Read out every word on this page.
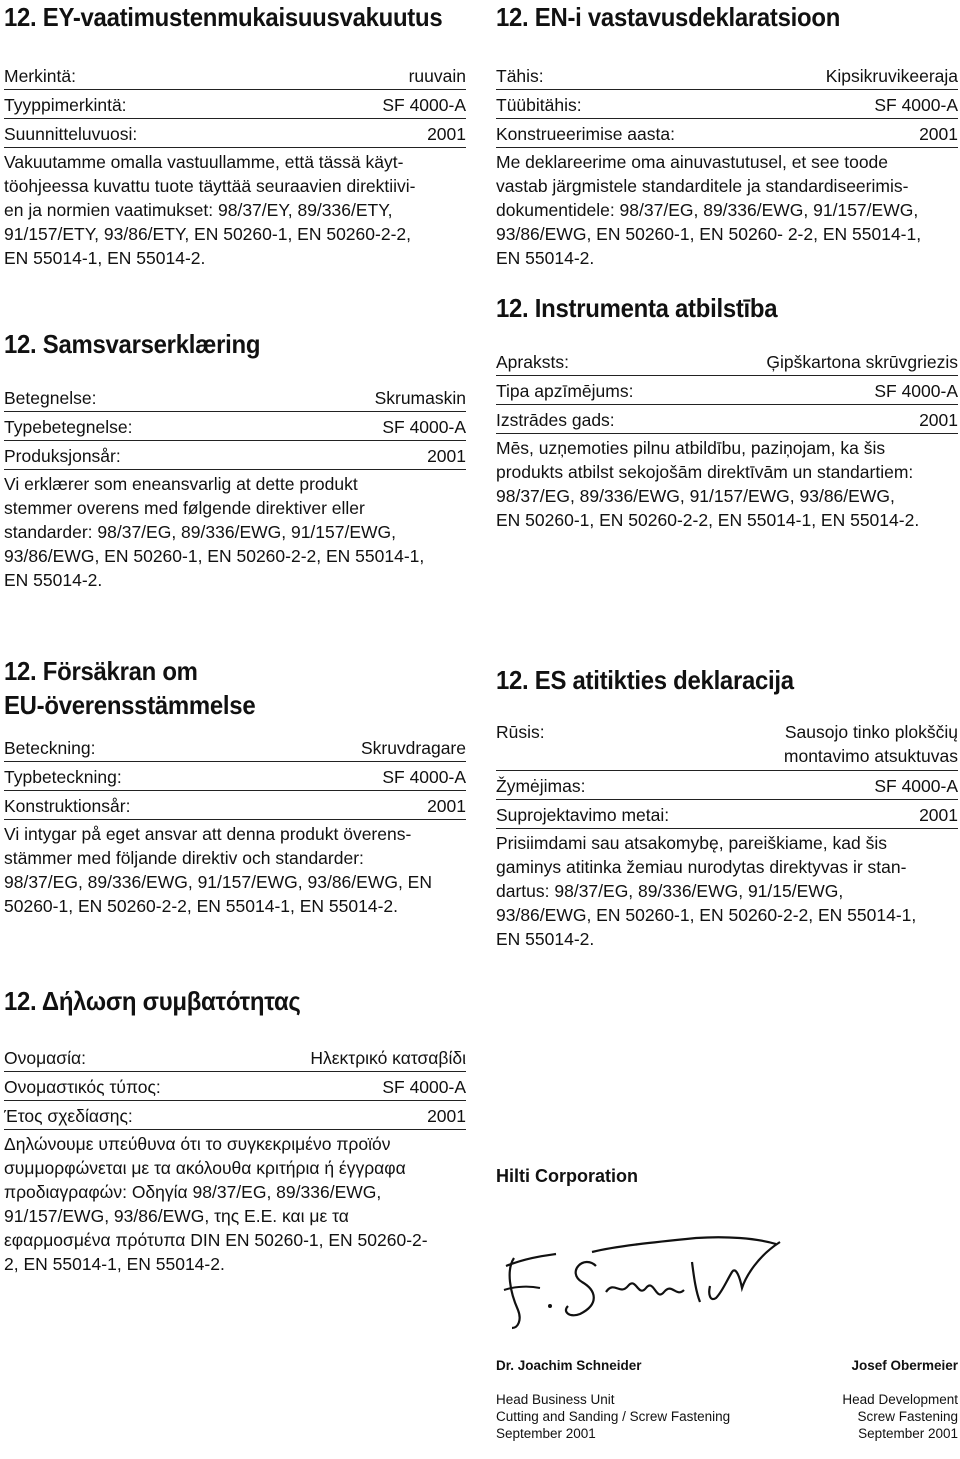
12. EY-vaatimustenmukaisuusvakuutus
Merkintä:	ruuvain
Tyyppimerkintä:	SF 4000-A
Suunnitteluvuosi:	2001
Vakuutamme omalla vastuullamme, että tässä käyt-
töohjeessa kuvattu tuote täyttää seuraavien direktiivi-
en ja normien vaatimukset: 98/37/EY, 89/336/ETY,
91/157/ETY, 93/86/ETY, EN 50260-1, EN 50260-2-2,
EN 55014-1, EN 55014-2.
12. Samsvarserklæring
Betegnelse:	Skrumaskin
Typebetegnelse:	SF 4000-A
Produksjonsår:	2001
Vi erklærer som eneansvarlig at dette produkt
stemmer overens med følgende direktiver eller
standarder: 98/37/EG, 89/336/EWG, 91/157/EWG,
93/86/EWG, EN 50260-1, EN 50260-2-2, EN 55014-1,
EN 55014-2.
12. Försäkran om
EU-överensstämmelse
Beteckning:	Skruvdragare
Typbeteckning:	SF 4000-A
Konstruktionsår:	2001
Vi intygar på eget ansvar att denna produkt överens-
stämmer med följande direktiv och standarder:
98/37/EG, 89/336/EWG, 91/157/EWG, 93/86/EWG, EN
50260-1, EN 50260-2-2, EN 55014-1, EN 55014-2.
12. Δήλωση συμβατότητας
Ονομασία:	Ηλεκτρικό κατσαβίδι
Ονομαστικός τύπος:	SF 4000-A
Έτος σχεδίασης:	2001
Δηλώνουμε υπεύθυνα ότι το συγκεκριμένο προϊόν
συμμορφώνεται με τα ακόλουθα κριτήρια ή έγγραφα
προδιαγραφών: Οδηγία 98/37/EG, 89/336/EWG,
91/157/EWG, 93/86/EWG, της Ε.Ε. και με τα
εφαρμοσμένα πρότυπα DIN EN 50260-1, EN 50260-2-
2, EN 55014-1, EN 55014-2.
12. EN-i vastavusdeklaratsioon
Tähis:	Kipsikruvikeeraja
Tüübitähis:	SF 4000-A
Konstrueerimise aasta:	2001
Me deklareerime oma ainuvastutusel, et see toode
vastab järgmistele standarditele ja standardiseerimis-
dokumentidele: 98/37/EG, 89/336/EWG, 91/157/EWG,
93/86/EWG, EN 50260-1, EN 50260- 2-2, EN 55014-1,
EN 55014-2.
12. Instrumenta atbilstība
Apraksts:	Ģipškartona skrūvgriezis
Tipa apzīmējums:	SF 4000-A
Izstrādes gads:	2001
Mēs, uzņemoties pilnu atbildību, paziņojam, ka šis
produkts atbilst sekojošām direktīvām un standartiem:
98/37/EG, 89/336/EWG, 91/157/EWG, 93/86/EWG,
EN 50260-1, EN 50260-2-2, EN 55014-1, EN 55014-2.
12. ES atitikties deklaracija
Rūsis:	Sausojo tinko plokščių
montavimo atsuktuvas
Žymėjimas:	SF 4000-A
Suprojektavimo metai:	2001
Prisiimdami sau atsakomybę, pareiškiame, kad šis
gaminys atitinka žemiau nurodytas direktyvas ir stan-
dartus: 98/37/EG, 89/336/EWG, 91/15/EWG,
93/86/EWG, EN 50260-1, EN 50260-2-2, EN 55014-1,
EN 55014-2.
Hilti Corporation

Dr. Joachim Schneider

Head Business Unit
Cutting and Sanding / Screw Fastening
September 2001

Josef Obermeier

Head Development
Screw Fastening
September 2001
